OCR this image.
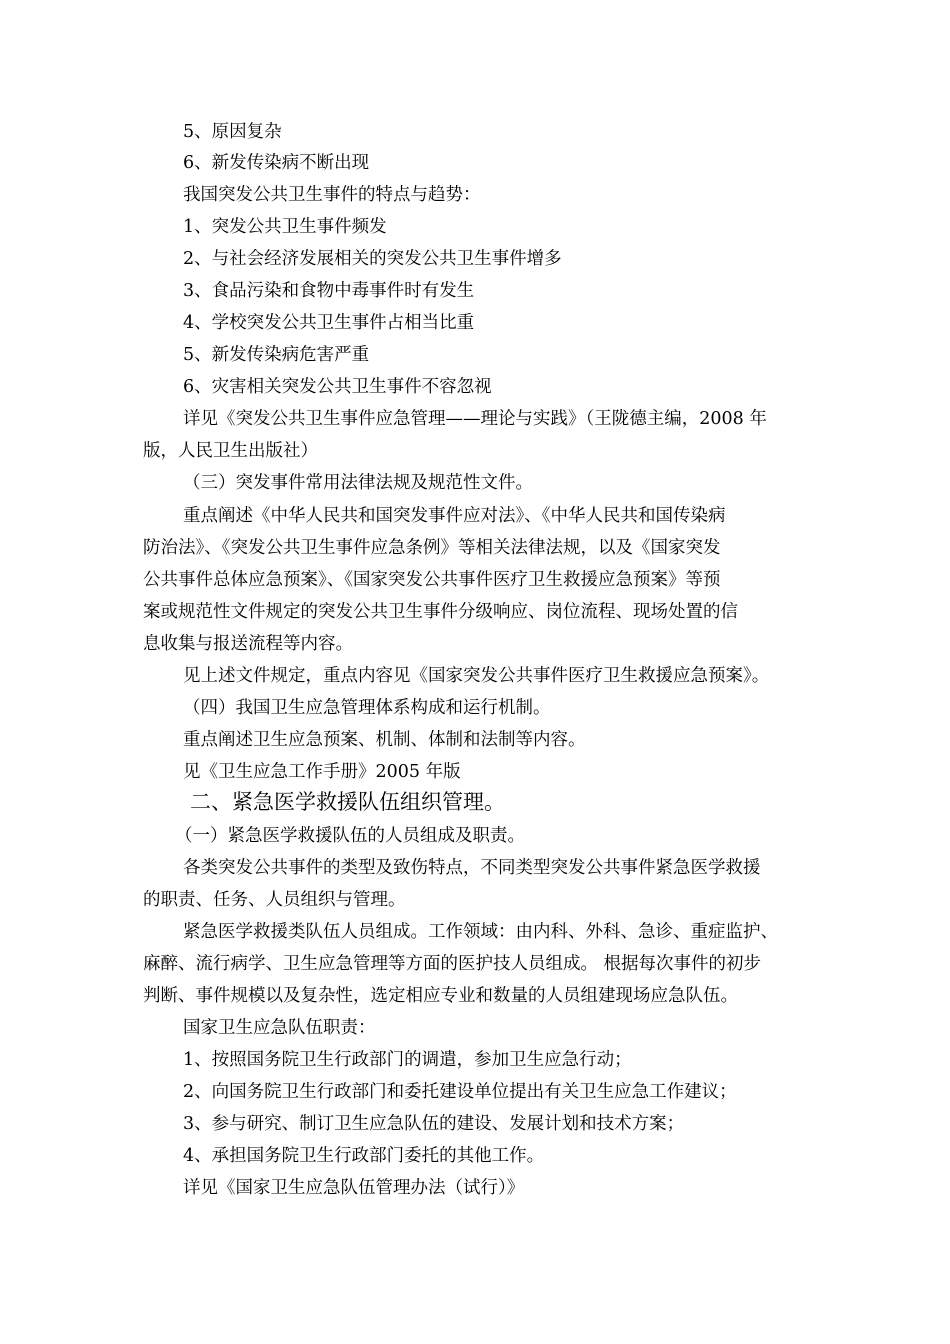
5、原因复杂
6、新发传染病不断出现
我国突发公共卫生事件的特点与趋势：
1、突发公共卫生事件频发
2、与社会经济发展相关的突发公共卫生事件增多
3、食品污染和食物中毒事件时有发生
4、学校突发公共卫生事件占相当比重
5、新发传染病危害严重
6、灾害相关突发公共卫生事件不容忽视
详见《突发公共卫生事件应急管理——理论与实践》（王陇德主编，2008 年
版，人民卫生出版社）
（三）突发事件常用法律法规及规范性文件。
重点阐述《中华人民共和国突发事件应对法》、《中华人民共和国传染病
防治法》、《突发公共卫生事件应急条例》等相关法律法规，以及《国家突发
公共事件总体应急预案》、《国家突发公共事件医疗卫生救援应急预案》等预
案或规范性文件规定的突发公共卫生事件分级响应、岗位流程、现场处置的信
息收集与报送流程等内容。
见上述文件规定，重点内容见《国家突发公共事件医疗卫生救援应急预案》。
（四）我国卫生应急管理体系构成和运行机制。
重点阐述卫生应急预案、机制、体制和法制等内容。
见《卫生应急工作手册》2005 年版
二、紧急医学救援队伍组织管理。
（一）紧急医学救援队伍的人员组成及职责。
各类突发公共事件的类型及致伤特点，不同类型突发公共事件紧急医学救援
的职责、任务、人员组织与管理。
紧急医学救援类队伍人员组成。工作领域：由内科、外科、急诊、重症监护、
麻醉、流行病学、卫生应急管理等方面的医护技人员组成。 根据每次事件的初步
判断、事件规模以及复杂性，选定相应专业和数量的人员组建现场应急队伍。
国家卫生应急队伍职责：
1、按照国务院卫生行政部门的调遣，参加卫生应急行动；
2、向国务院卫生行政部门和委托建设单位提出有关卫生应急工作建议；
3、参与研究、制订卫生应急队伍的建设、发展计划和技术方案；
4、承担国务院卫生行政部门委托的其他工作。
详见《国家卫生应急队伍管理办法（试行）》
